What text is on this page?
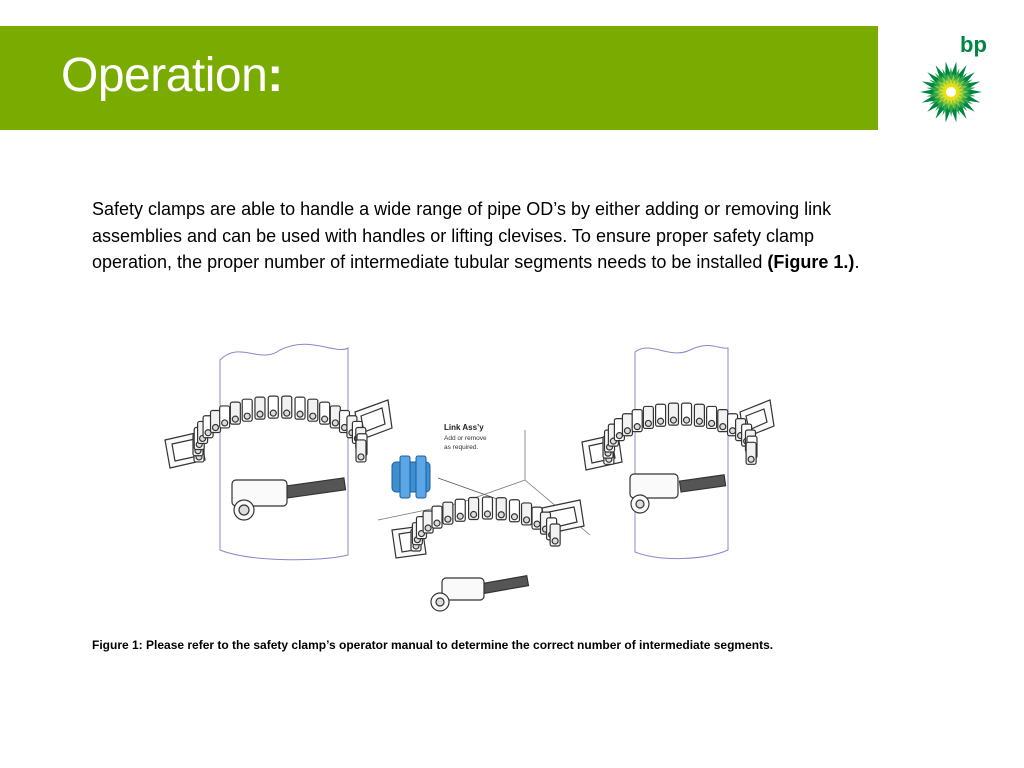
Operation:
bp
Safety clamps are able to handle a wide range of pipe OD’s by either adding or removing link assemblies and can be used with handles or lifting clevises. To ensure proper safety clamp operation, the proper number of intermediate tubular segments needs to be installed (Figure 1.).
Link Ass’y
Add or remove
as required.
Figure 1: Please refer to the safety clamp’s operator manual to determine the correct number of intermediate segments.
